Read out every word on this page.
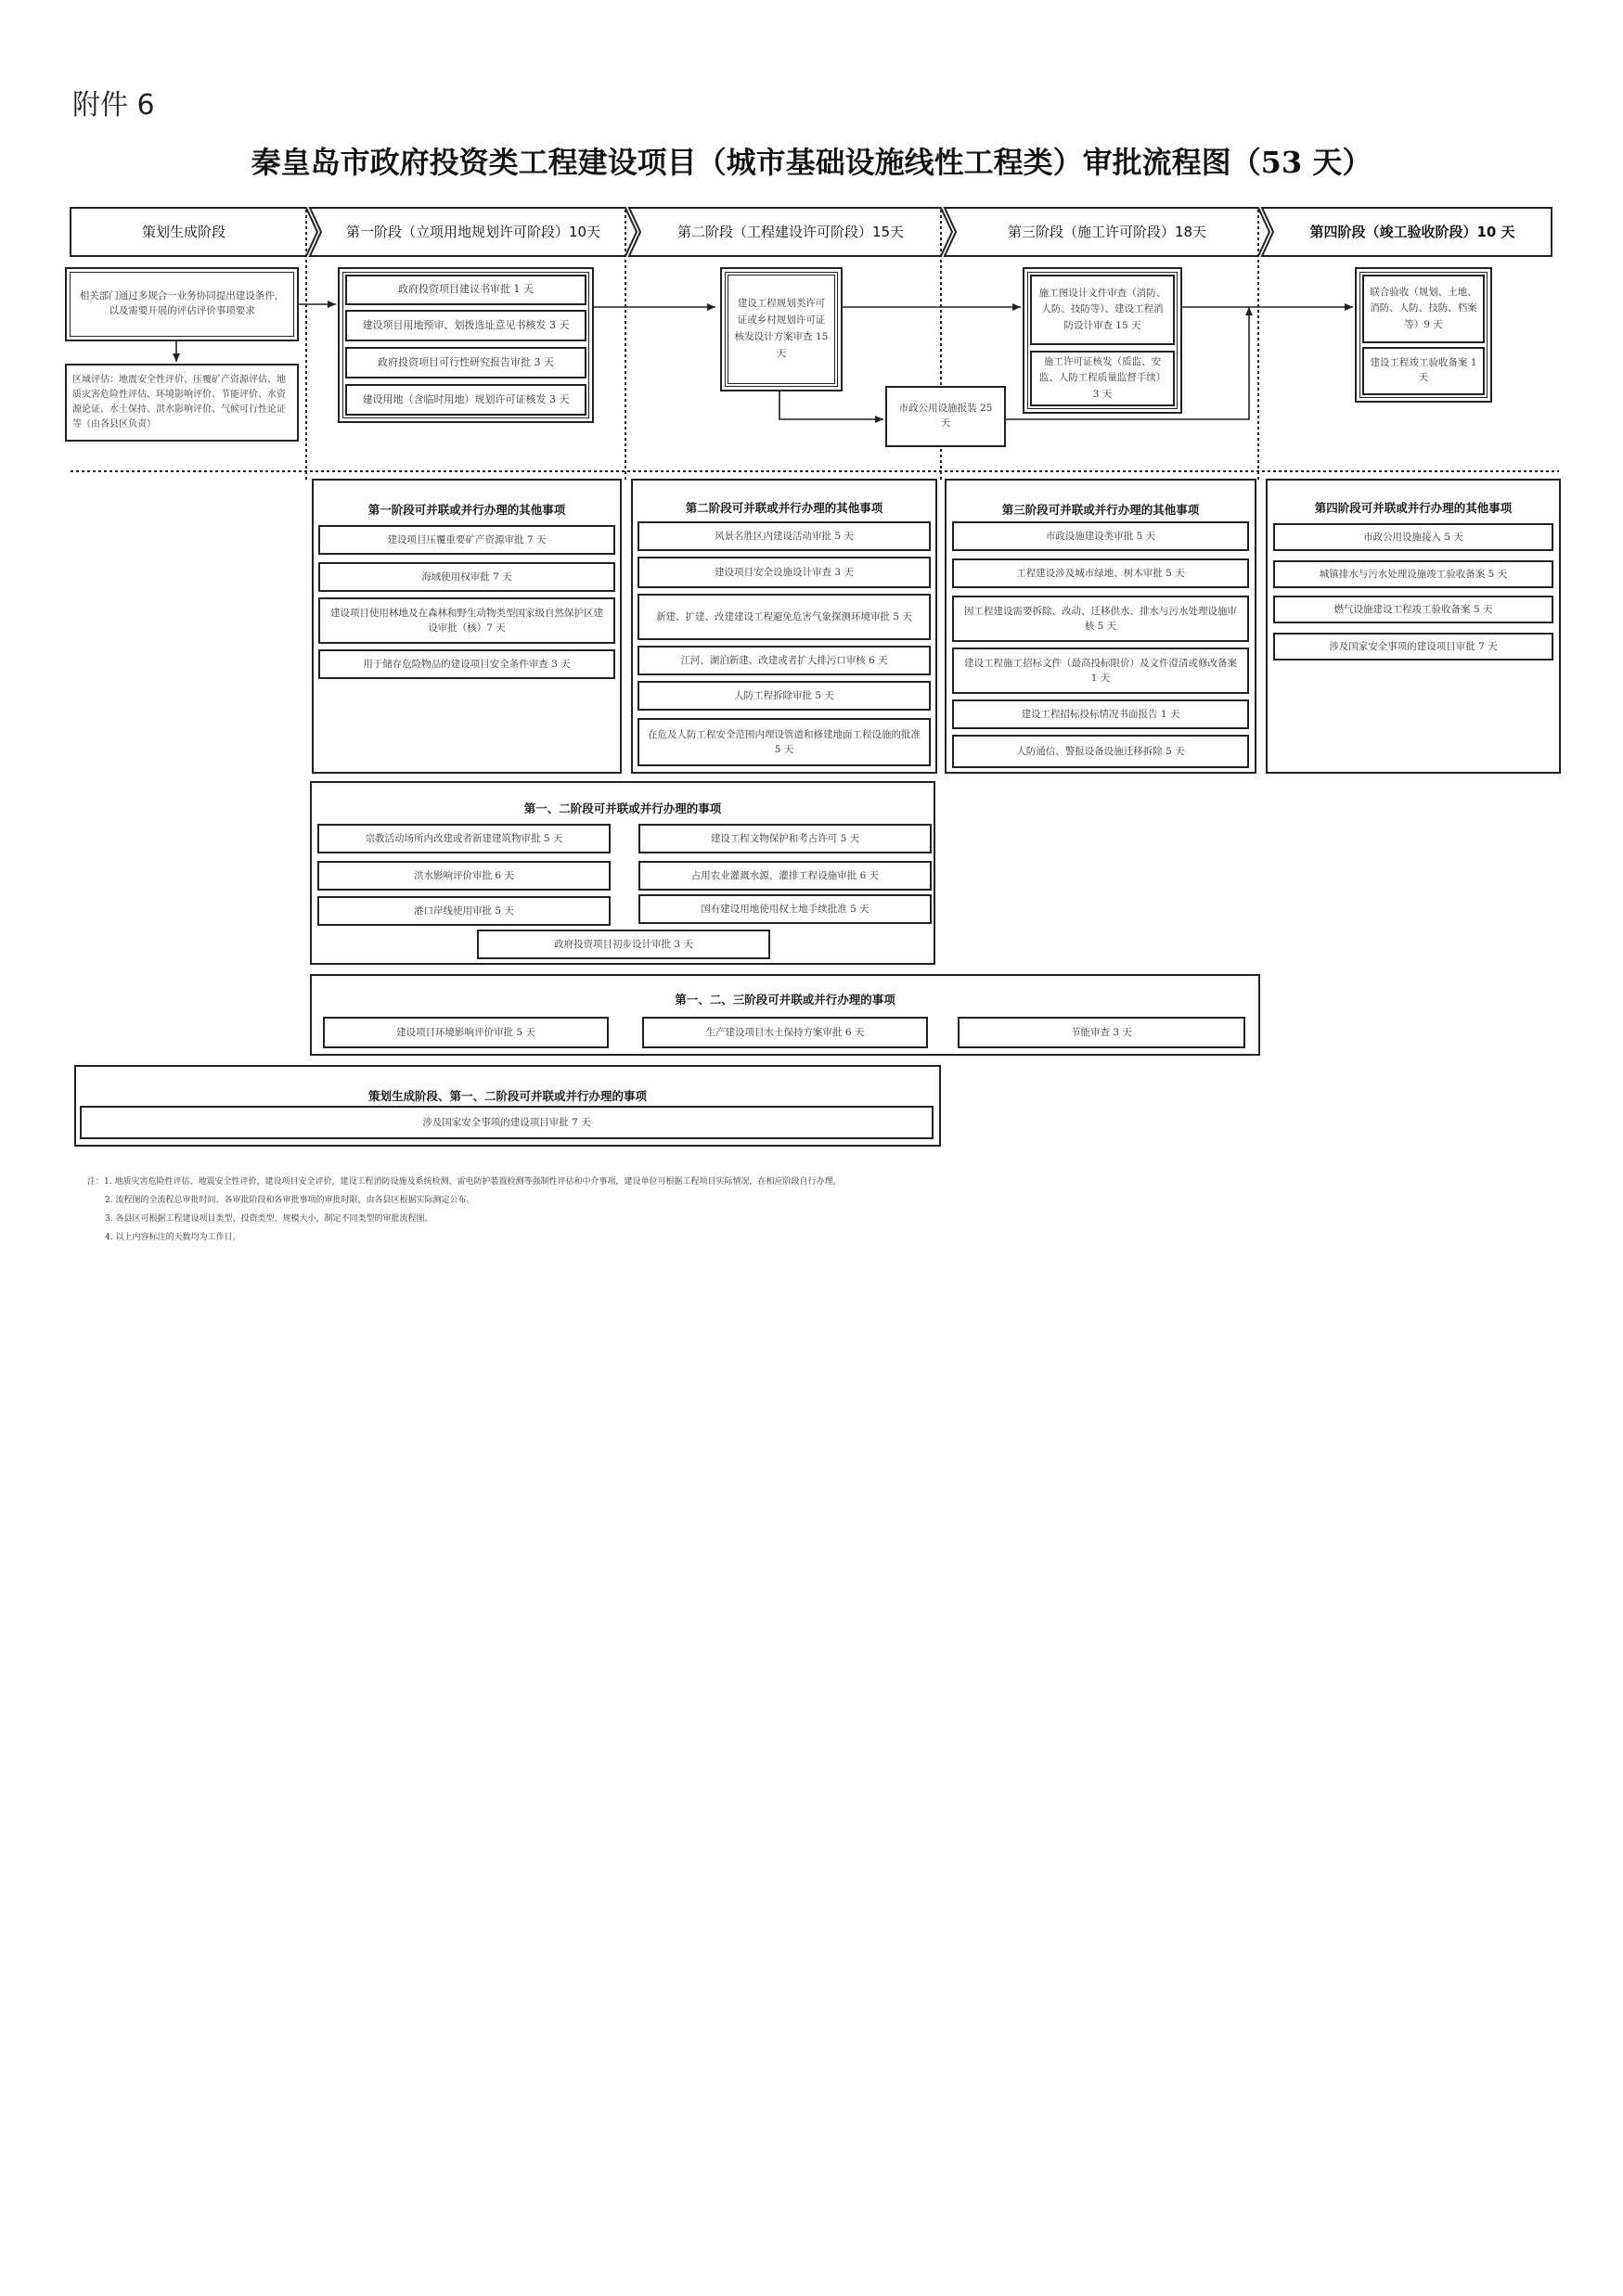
附件 6
秦皇岛市政府投资类工程建设项目（城市基础设施线性工程类）审批流程图（53 天）
策划生成阶段	第一阶段（立项用地规划许可阶段）10天	第二阶段（工程建设许可阶段）15天	第三阶段（施工许可阶段）18天	第四阶段（竣工验收阶段）10 天
相关部门通过多规合一业务协同提出建设条件，以及需要开展的评估评价事项要求
区域评估：地震安全性评价、压覆矿产资源评估、地质灾害危险性评估、环境影响评价、节能评价、水资源论证、水土保持、洪水影响评价、气候可行性论证等（由各县区负责）
政府投资项目建议书审批 1 天
建设项目用地预审、划拨选址意见书核发 3 天
政府投资项目可行性研究报告审批 3 天
建设用地（含临时用地）规划许可证核发 3 天
建设工程规划类许可证或乡村规划许可证核发设计方案审查 15 天
市政公用设施报装 25 天
施工图设计文件审查（消防、人防、技防等）、建设工程消防设计审查 15 天
施工许可证核发（质监、安监、人防工程质量监督手续）3 天
联合验收（规划、土地、消防、人防、技防、档案等）9 天
建设工程竣工验收备案 1 天
第一阶段可并联或并行办理的其他事项
建设项目压覆重要矿产资源审批 7 天
海域使用权审批 7 天
建设项目使用林地及在森林和野生动物类型国家级自然保护区建设审批（核）7 天
用于储存危险物品的建设项目安全条件审查 3 天
第二阶段可并联或并行办理的其他事项
风景名胜区内建设活动审批 5 天
建设项目安全设施设计审查 3 天
新建、扩建、改建建设工程避免危害气象探测环境审批 5 天
江河、湖泊新建、改建或者扩大排污口审核 6 天
人防工程拆除审批 5 天
在危及人防工程安全范围内埋设管道和修建地面工程设施的批准 5 天
第三阶段可并联或并行办理的其他事项
市政设施建设类审批 5 天
工程建设涉及城市绿地、树木审批 5 天
因工程建设需要拆除、改动、迁移供水、排水与污水处理设施审核 5 天
建设工程施工招标文件（最高投标限价）及文件澄清或修改备案 1 天
建设工程招标投标情况书面报告 1 天
人防通信、警报设备设施迁移拆除 5 天
第四阶段可并联或并行办理的其他事项
市政公用设施接入 5 天
城镇排水与污水处理设施竣工验收备案 5 天
燃气设施建设工程竣工验收备案 5 天
涉及国家安全事项的建设项目审批 7 天
第一、二阶段可并联或并行办理的事项
宗教活动场所内改建或者新建建筑物审批 5 天	建设工程文物保护和考古许可 5 天
洪水影响评价审批 6 天	占用农业灌溉水源、灌排工程设施审批 6 天
港口岸线使用审批 5 天	国有建设用地使用权土地手续批准 5 天
政府投资项目初步设计审批 3 天
第一、二、三阶段可并联或并行办理的事项
建设项目环境影响评价审批 5 天	生产建设项目水土保持方案审批 6 天	节能审查 3 天
策划生成阶段、第一、二阶段可并联或并行办理的事项
涉及国家安全事项的建设项目审批 7 天
注：1. 地质灾害危险性评估、地震安全性评价，建设项目安全评价，建设工程消防设施及系统检测、雷电防护装置检测等强制性评估和中介事项，建设单位可根据工程项目实际情况，在相应阶段自行办理。
2. 流程图的全流程总审批时间、各审批阶段和各审批事项的审批时限，由各县区根据实际测定公布。
3. 各县区可根据工程建设项目类型、投资类型、规模大小，制定不同类型的审批流程图。
4. 以上内容标注的天数均为工作日。
